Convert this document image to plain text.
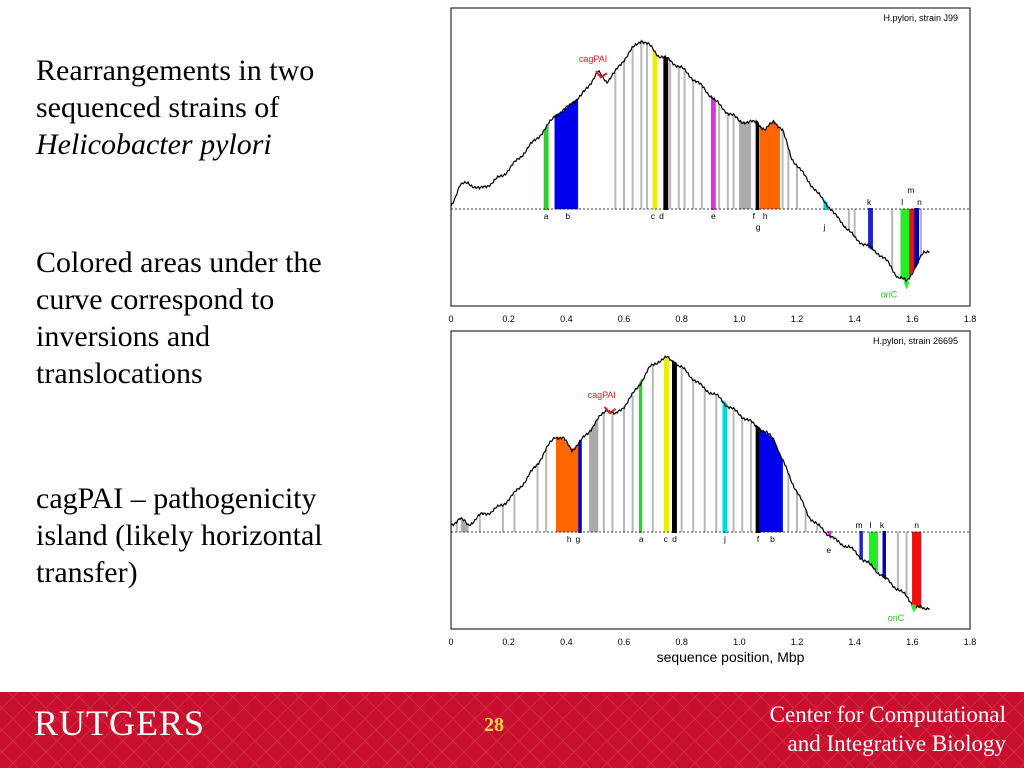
Rearrangements in two
sequenced strains of
Helicobacter pylori
Colored areas under the
curve correspond to
inversions and
translocations
cagPAI – pathogenicity
island (likely horizontal
transfer)
a b	c d	e	f h
g	j
k	l
m
n
cagPAI
oriC
H.pylori, strain J99
0	0.2	0.4	0.6	0.8	1.0	1.2	1.4	1.6	1.8
h g	a c d	j	f b
e
m l k	n
cagPAI
oriC
H.pylori, strain 26695
0	0.2	0.4	0.6	0.8	1.0	1.2	1.4	1.6	1.8
sequence position, Mbp
RUTGERS	28	Center for Computational
and Integrative Biology
